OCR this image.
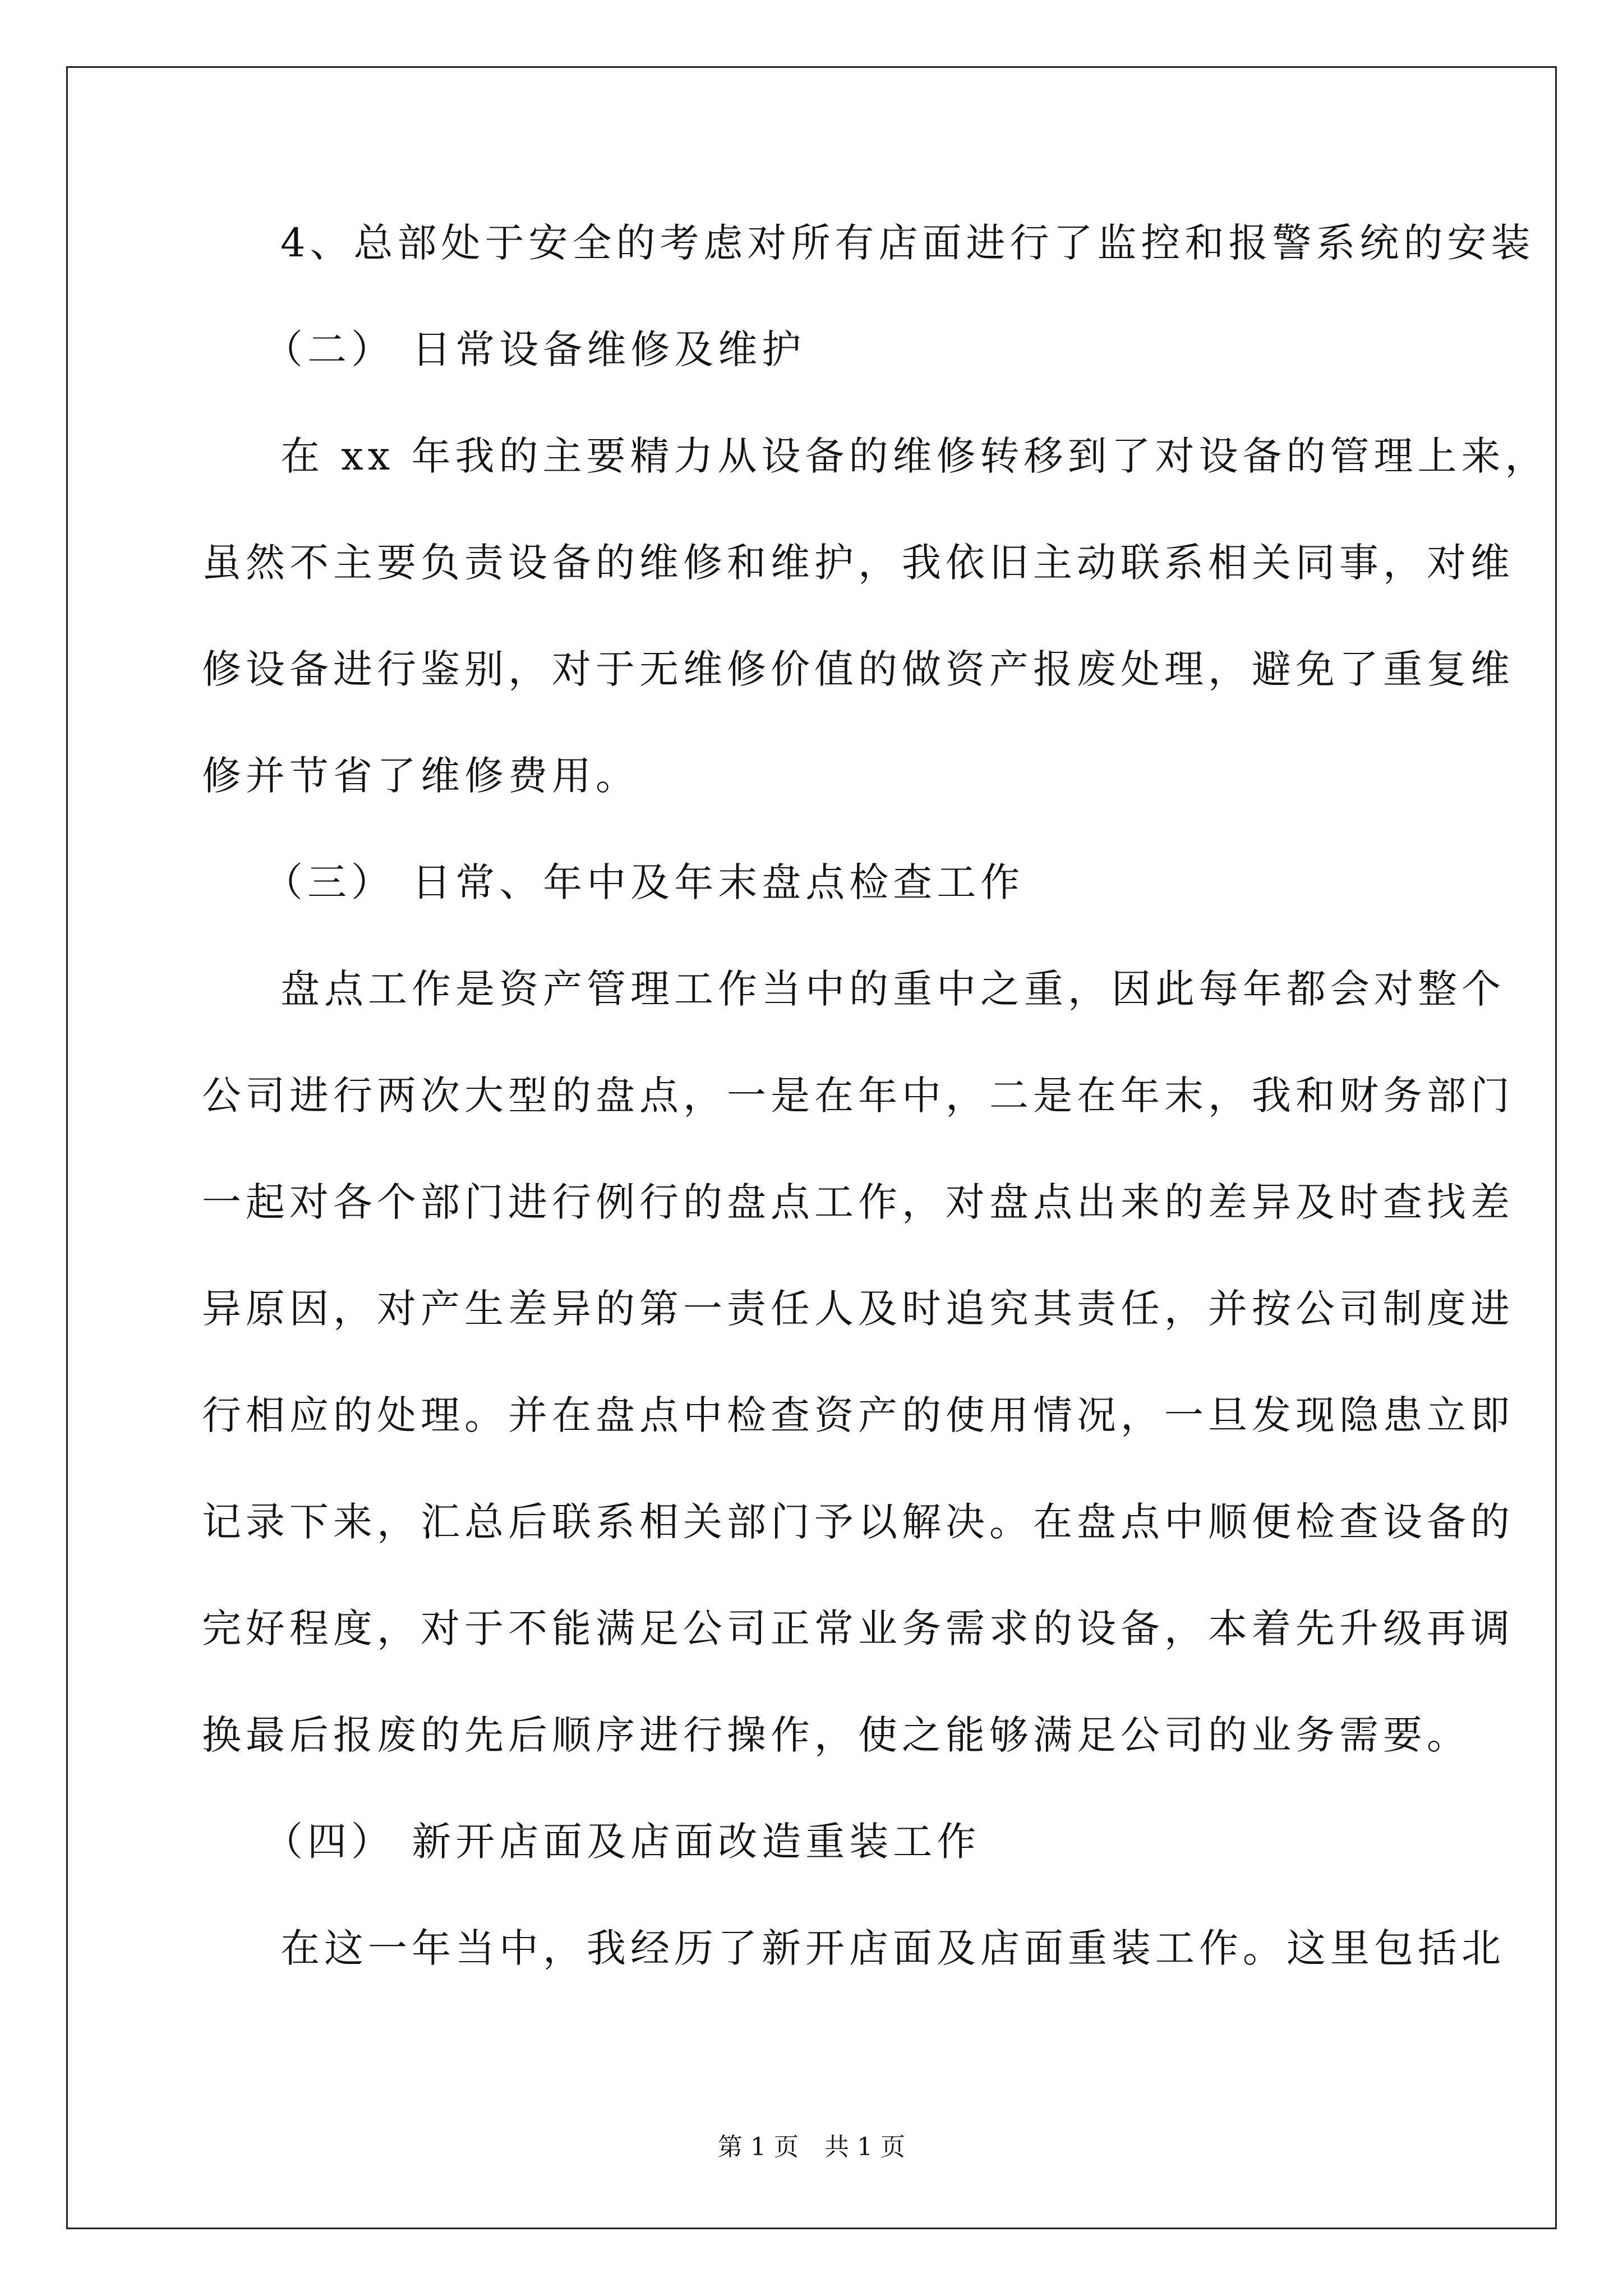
4、总部处于安全的考虑对所有店面进行了监控和报警系统的安装
（二） 日常设备维修及维护
在 xx 年我的主要精力从设备的维修转移到了对设备的管理上来，
虽然不主要负责设备的维修和维护，我依旧主动联系相关同事，对维
修设备进行鉴别，对于无维修价值的做资产报废处理，避免了重复维
修并节省了维修费用。
（三） 日常、年中及年末盘点检查工作
盘点工作是资产管理工作当中的重中之重，因此每年都会对整个
公司进行两次大型的盘点，一是在年中，二是在年末，我和财务部门
一起对各个部门进行例行的盘点工作，对盘点出来的差异及时查找差
异原因，对产生差异的第一责任人及时追究其责任，并按公司制度进
行相应的处理。并在盘点中检查资产的使用情况，一旦发现隐患立即
记录下来，汇总后联系相关部门予以解决。在盘点中顺便检查设备的
完好程度，对于不能满足公司正常业务需求的设备，本着先升级再调
换最后报废的先后顺序进行操作，使之能够满足公司的业务需要。
（四） 新开店面及店面改造重装工作
在这一年当中，我经历了新开店面及店面重装工作。这里包括北
第 1 页 共 1 页
